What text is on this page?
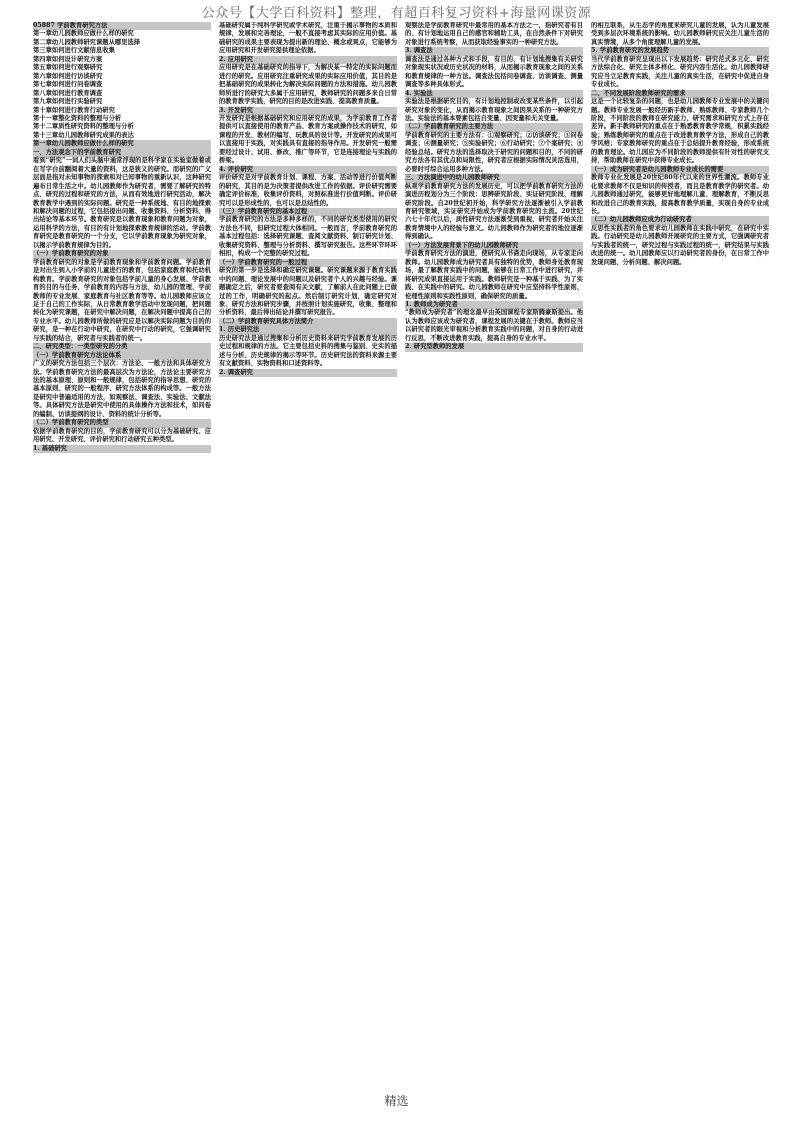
公众号【大学百科资料】整理，有超百科复习资料+海量网课资源

05887 学前教育研究方法

第一章幼儿园教师应做什么样的研究

第二章幼儿园教师研究课题从哪里选择

第三章如何进行文献信息收集

第四章如何设计研究方案

第五章如何进行观察研究

第六章如何进行访谈研究

第七章如何进行问卷调查

第八章如何进行教育调查

第九章如何进行实验研究

第十章如何进行教育行动研究

第十一章整化资料的整理与分析

第十二章质性研究资料的整理与分析

第十三章幼儿园教师研究成果的表达

第一章幼儿园教师应做什么样的研究

一、方法观念下的学前教育研究

看到“研究”一词人们头脑中通常浮现的是科学家在实验室做着或在写字台前翻阅着大量的资料，这是狭义的研究。而研究的广义层面是指对未知事物的探索和对已知事物的重新认识，这种研究遍布日常生活之中。幼儿园教师作为研究者，需要了解研究的特点、研究的过程和研究的方法，从而有效地进行研究活动，解决教育教学中遇到的实际问题。研究是一种系统地、有目的地探索和解决问题的过程，它包括提出问题、收集资料、分析资料、得出结论等基本环节。教育研究是以教育现象和教育问题为对象，运用科学的方法，有目的有计划地探索教育规律的活动。学前教育研究是教育研究的一个分支，它以学前教育现象为研究对象，以揭示学前教育规律为目的。

（一）学前教育研究的对象

学前教育研究的对象是学前教育现象和学前教育问题。学前教育是对出生到入小学前的儿童进行的教育，包括家庭教育和托幼机构教育。学前教育研究的对象包括学前儿童的身心发展、学前教育的目的与任务、学前教育的内容与方法、幼儿园的管理、学前教师的专业发展、家庭教育与社区教育等等。幼儿园教师应该立足于自己的工作实际，从日常教育教学活动中发现问题，把问题转化为研究课题，在研究中解决问题，在解决问题中提高自己的专业水平。幼儿园教师所做的研究应是以解决实际问题为目的的研究，是一种在行动中研究，在研究中行动的研究，它强调研究与实践的结合，研究者与实践者的统一。

二、研究类型：一类型研究的分类

（一）学前教育研究方法论体系

广义的研究方法包括三个层次：方法论、一般方法和具体研究方法。学前教育研究方法的最高层次为方法论，方法论主要研究方法的基本原理、原则和一般规律，包括研究的指导思想、研究的基本原则、研究的一般程序、研究方法体系的构成等。一般方法是研究中普遍适用的方法，如观察法、调查法、实验法、文献法等。具体研究方法是研究中使用的具体操作方法和技术，如问卷的编制、访谈提纲的设计、资料的统计分析等。

（二）学前教育研究的类型

依据学前教育研究的目的，学前教育研究可以分为基础研究、应用研究、开发研究、评价研究和行动研究五种类型。

1. 基础研究

基础研究属于纯科学研究或学术研究，注重于揭示事物的本质和规律，发展和完善理论，一般不直接考虑其实际的应用价值。基础研究的成果主要表现为提出新的理论、概念或观点，它能够为应用研究和开发研究提供理论依据。

2. 应用研究

应用研究是在基础研究的指导下，为解决某一特定的实际问题而进行的研究。应用研究注重研究成果的实际应用价值，其目的是把基础研究的成果转化为解决实际问题的方法和措施。幼儿园教师所进行的研究大多属于应用研究，教师研究的问题多来自日常的教育教学实践，研究的目的是改进实践、提高教育质量。

3. 开发研究

开发研究是根据基础研究和应用研究的成果，为学前教育工作者提供可以直接使用的教育产品、教育方案或操作技术的研究，如课程的开发、教材的编写、玩教具的设计等。开发研究的成果可以直接用于实践，对实践具有直接的指导作用。开发研究一般需要经过设计、试用、修改、推广等环节，它是连接理论与实践的桥梁。

4. 评价研究

评价研究是对学前教育计划、课程、方案、活动等进行价值判断的研究，其目的是为决策者提供改进工作的依据。评价研究需要确定评价标准，收集评价资料，对照标准进行价值判断。评价研究可以是形成性的，也可以是总结性的。

（三）学前教育研究的基本过程

学前教育研究的方法是多种多样的，不同的研究类型使用的研究方法也不同，但研究过程大体相同。一般而言，学前教育研究的基本过程包括：选择研究课题、查阅文献资料、制订研究计划、收集研究资料、整理与分析资料、撰写研究报告。这些环节环环相扣，构成一个完整的研究过程。

（一）学前教育研究的一般过程

研究的第一步是选择和确定研究课题。研究课题来源于教育实践中的问题、理论发展中的问题以及研究者个人的兴趣与经验。课题确定之后，研究者要查阅有关文献，了解前人在此问题上已做过的工作，明确研究的起点。然后制订研究计划，确定研究对象、研究方法和研究步骤，并按照计划实施研究，收集、整理和分析资料，最后得出结论并撰写研究报告。

（二）学前教育研究具体方法简介

1. 历史研究法

历史研究法是通过搜集和分析历史资料来研究学前教育发展的历史过程和规律的方法。它主要包括史料的搜集与鉴别、史实的描述与分析、历史规律的揭示等环节。历史研究法的资料来源主要有文献资料、实物资料和口述资料等。

2. 调查研究

观察法是学前教育研究中最常用的基本方法之一，指研究者有目的、有计划地运用自己的感官和辅助工具，在自然条件下对研究对象进行系统考察，从而获取经验事实的一种研究方法。

3. 调查法

调查法是通过各种方式和手段，有目的、有计划地搜集有关研究对象现实状况或历史状况的材料，从而揭示教育现象之间的关系和教育规律的一种方法。调查法包括问卷调查、访谈调查、测量调查等多种具体形式。

4. 实验法

实验法是根据研究目的，有计划地控制或改变某些条件，以引起研究对象的变化，从而揭示教育现象之间因果关系的一种研究方法。实验法的基本要素包括自变量、因变量和无关变量。

（二）学前教育研究的主要方法

学前教育研究的主要方法有：①观察研究；②访谈研究；③问卷调查；④测量研究；⑤实验研究；⑥行动研究；⑦个案研究；⑧经验总结。研究方法的选择取决于研究的问题和目的，不同的研究方法各有其优点和局限性，研究者应根据实际情况灵活选用，必要时可综合运用多种方法。

三、方法演进中的幼儿园教师研究

纵观学前教育研究方法的发展历史，可以把学前教育研究方法的演进历程划分为三个阶段：思辨研究阶段、实证研究阶段、理解研究阶段。自20世纪初开始，科学研究方法逐渐被引入学前教育研究领域，实证研究开始成为学前教育研究的主流。20世纪六七十年代以后，质性研究方法逐渐受到重视，研究者开始关注教育情境中人的经验与意义。幼儿园教师作为研究者的地位逐渐得到确认。

（一）方法发展背景下的幼儿园教师研究

学前教育研究方法的演进，使研究从书斋走向现场，从专家走向教师。幼儿园教师成为研究者具有独特的优势，教师身处教育现场，最了解教育实践中的问题，能够在日常工作中进行研究，并将研究成果直接运用于实践。教师研究是一种基于实践、为了实践、在实践中的研究。幼儿园教师在研究中应坚持科学性原则、伦理性原则和实践性原则，确保研究的质量。

1. 教师成为研究者

“教师成为研究者”的理念最早由英国课程专家斯腾豪斯提出。他认为教师应该成为研究者，课程发展的关键在于教师。教师应当以研究者的眼光审视和分析教育实践中的问题，对自身的行动进行反思，不断改进教育实践，提高自身的专业水平。

2. 研究型教师的发展

的相互联系，从生态学的角度来研究儿童的发展，认为儿童发展受到多层次环境系统的影响。幼儿园教师研究应关注儿童生活的真实情境，从多个角度理解儿童的发展。

5. 学前教育研究的发展趋势

当代学前教育研究呈现出以下发展趋势：研究范式多元化、研究方法综合化、研究主体多样化、研究内容生活化。幼儿园教师研究应当立足教育实践，关注儿童的真实生活，在研究中促进自身专业成长。

二、不同发展阶段教师研究的需求

这是一个比较复杂的问题，也是幼儿园教师专业发展中的关键问题。教师专业发展一般经历新手教师、熟练教师、专家教师几个阶段，不同阶段的教师在研究能力、研究需求和研究方式上存在差异。新手教师研究的重点在于熟悉教育教学常规，积累实践经验；熟练教师研究的重点在于改进教育教学方法，形成自己的教学风格；专家教师研究的重点在于总结提升教育经验，形成系统的教育理论。幼儿园应为不同阶段的教师提供有针对性的研究支持，帮助教师在研究中获得专业成长。

（一）成为研究者是幼儿园教师专业成长的需要

教师专业化发展是20世纪80年代以来的世界性潮流。教师专业化要求教师不仅是知识的传授者，而且是教育教学的研究者。幼儿园教师通过研究，能够更好地理解儿童、理解教育，不断反思和改进自己的教育实践，提高教育教学质量，实现自身的专业成长。

（二）幼儿园教师应成为行动研究者

反思性实践者的角色要求幼儿园教师在实践中研究，在研究中实践。行动研究是幼儿园教师开展研究的主要方式，它强调研究者与实践者的统一，研究过程与实践过程的统一，研究结果与实践改进的统一。幼儿园教师应以行动研究者的身份，在日常工作中发现问题、分析问题、解决问题。

精选
